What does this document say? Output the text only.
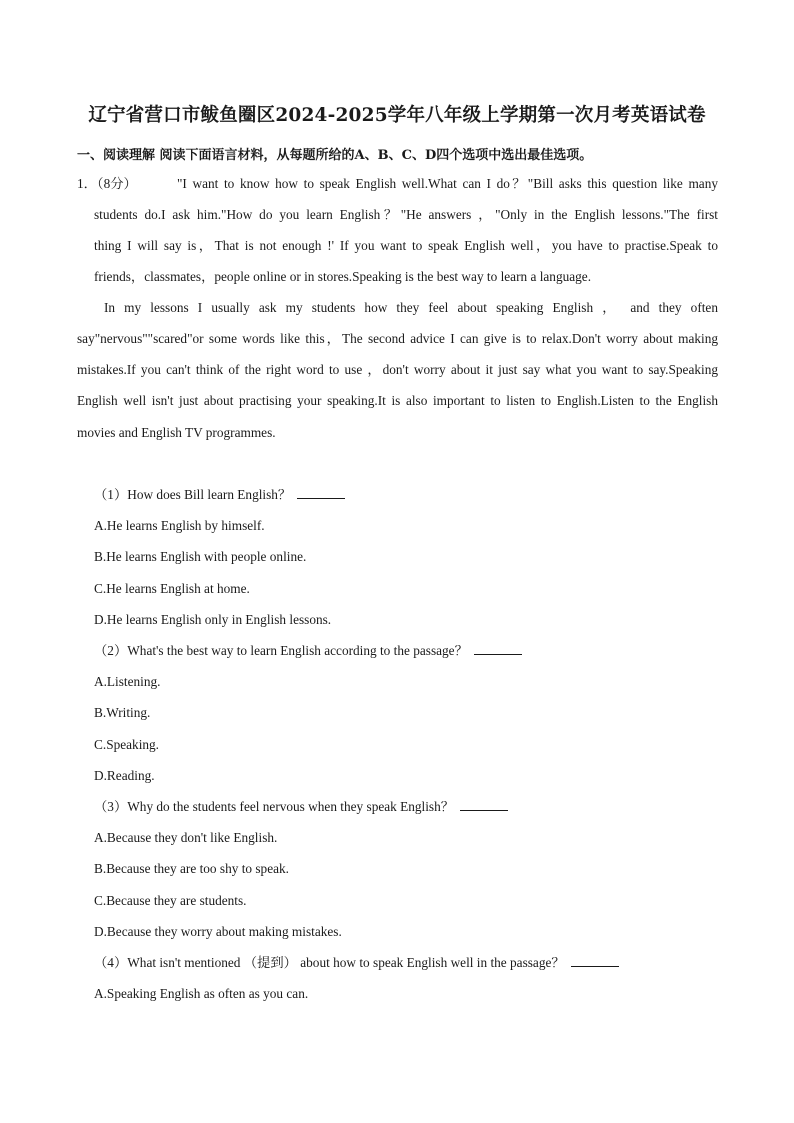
辽宁省营口市鲅鱼圈区2024-2025学年八年级上学期第一次月考英语试卷
一、阅读理解 阅读下面语言材料，从每题所给的A、B、C、D四个选项中选出最佳选项。
1．（8分）	"I want to know how to speak English well.What can I do？"Bill asks this question like many
students do.I ask him."How do you learn English？"He answers ，"Only in the English lessons."The first
thing I will say is，That is not enough !' If you want to speak English well，you have to practise.Speak to
friends，classmates，people online or in stores.Speaking is the best way to learn a language.
In my lessons I usually ask my students how they feel about speaking English ， and they often
say"nervous""scared"or some words like this，The second advice I can give is to relax.Don't worry about making
mistakes.If you can't think of the right word to use ，don't worry about it just say what you want to say.Speaking
English well isn't just about practising your speaking.It is also important to listen to English.Listen to the English
movies and English TV programmes.
（1）How does Bill learn English？
A.He learns English by himself.
B.He learns English with people online.
C.He learns English at home.
D.He learns English only in English lessons.
（2）What's the best way to learn English according to the passage？
A.Listening.
B.Writing.
C.Speaking.
D.Reading.
（3）Why do the students feel nervous when they speak English？
A.Because they don't like English.
B.Because they are too shy to speak.
C.Because they are students.
D.Because they worry about making mistakes.
（4）What isn't mentioned （提到） about how to speak English well in the passage？
A.Speaking English as often as you can.
